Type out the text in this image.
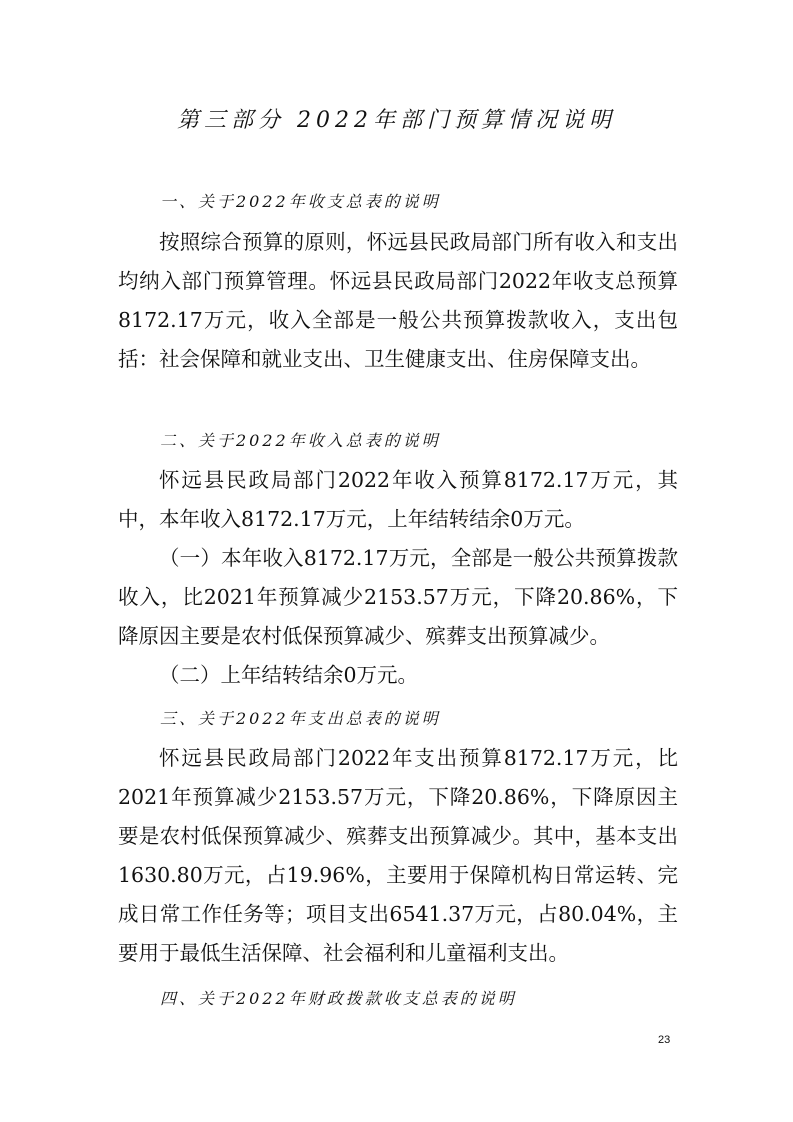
第三部分 2022年部门预算情况说明
一、关于2022年收支总表的说明

按照综合预算的原则，怀远县民政局部门所有收入和支出均纳入部门预算管理。怀远县民政局部门2022年收支总预算8172.17万元，收入全部是一般公共预算拨款收入，支出包括：社会保障和就业支出、卫生健康支出、住房保障支出。

二、关于2022年收入总表的说明

怀远县民政局部门2022年收入预算8172.17万元，其中，本年收入8172.17万元，上年结转结余0万元。

（一）本年收入8172.17万元，全部是一般公共预算拨款收入，比2021年预算减少2153.57万元，下降20.86%，下降原因主要是农村低保预算减少、殡葬支出预算减少。

（二）上年结转结余0万元。

三、关于2022年支出总表的说明

怀远县民政局部门2022年支出预算8172.17万元，比2021年预算减少2153.57万元，下降20.86%，下降原因主要是农村低保预算减少、殡葬支出预算减少。其中，基本支出1630.80万元，占19.96%，主要用于保障机构日常运转、完成日常工作任务等；项目支出6541.37万元，占80.04%，主要用于最低生活保障、社会福利和儿童福利支出。

四、关于2022年财政拨款收支总表的说明
23
